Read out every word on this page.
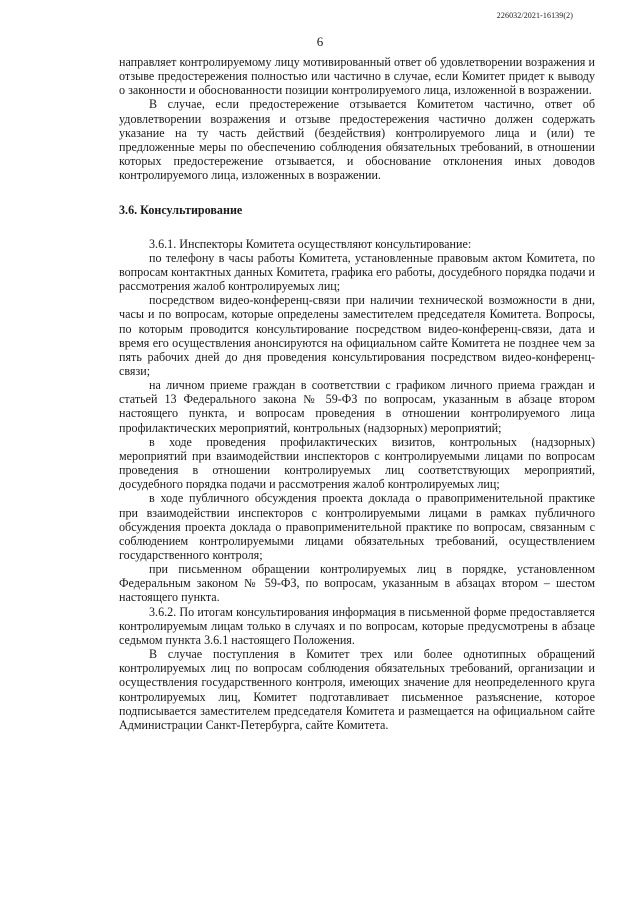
226032/2021-16139(2)
6

направляет контролируемому лицу мотивированный ответ об удовлетворении возражения и отзыве предостережения полностью или частично в случае, если Комитет придет к выводу о законности и обоснованности позиции контролируемого лица, изложенной в возражении.

В случае, если предостережение отзывается Комитетом частично, ответ об удовлетворении возражения и отзыве предостережения частично должен содержать указание на ту часть действий (бездействия) контролируемого лица и (или) те предложенные меры по обеспечению соблюдения обязательных требований, в отношении которых предостережение отзывается, и обоснование отклонения иных доводов контролируемого лица, изложенных в возражении.

3.6. Консультирование

3.6.1. Инспекторы Комитета осуществляют консультирование:

по телефону в часы работы Комитета, установленные правовым актом Комитета, по вопросам контактных данных Комитета, графика его работы, досудебного порядка подачи и рассмотрения жалоб контролируемых лиц;

посредством видео-конференц-связи при наличии технической возможности в дни, часы и по вопросам, которые определены заместителем председателя Комитета. Вопросы, по которым проводится консультирование посредством видео-конференц-связи, дата и время его осуществления анонсируются на официальном сайте Комитета не позднее чем за пять рабочих дней до дня проведения консультирования посредством видео-конференц-связи;

на личном приеме граждан в соответствии с графиком личного приема граждан и статьей 13 Федерального закона № 59-ФЗ по вопросам, указанным в абзаце втором настоящего пункта, и вопросам проведения в отношении контролируемого лица профилактических мероприятий, контрольных (надзорных) мероприятий;

в ходе проведения профилактических визитов, контрольных (надзорных) мероприятий при взаимодействии инспекторов с контролируемыми лицами по вопросам проведения в отношении контролируемых лиц соответствующих мероприятий, досудебного порядка подачи и рассмотрения жалоб контролируемых лиц;

в ходе публичного обсуждения проекта доклада о правоприменительной практике при взаимодействии инспекторов с контролируемыми лицами в рамках публичного обсуждения проекта доклада о правоприменительной практике по вопросам, связанным с соблюдением контролируемыми лицами обязательных требований, осуществлением государственного контроля;

при письменном обращении контролируемых лиц в порядке, установленном Федеральным законом № 59-ФЗ, по вопросам, указанным в абзацах втором – шестом настоящего пункта.

3.6.2. По итогам консультирования информация в письменной форме предоставляется контролируемым лицам только в случаях и по вопросам, которые предусмотрены в абзаце седьмом пункта 3.6.1 настоящего Положения.

В случае поступления в Комитет трех или более однотипных обращений контролируемых лиц по вопросам соблюдения обязательных требований, организации и осуществления государственного контроля, имеющих значение для неопределенного круга контролируемых лиц, Комитет подготавливает письменное разъяснение, которое подписывается заместителем председателя Комитета и размещается на официальном сайте Администрации Санкт-Петербурга, сайте Комитета.
